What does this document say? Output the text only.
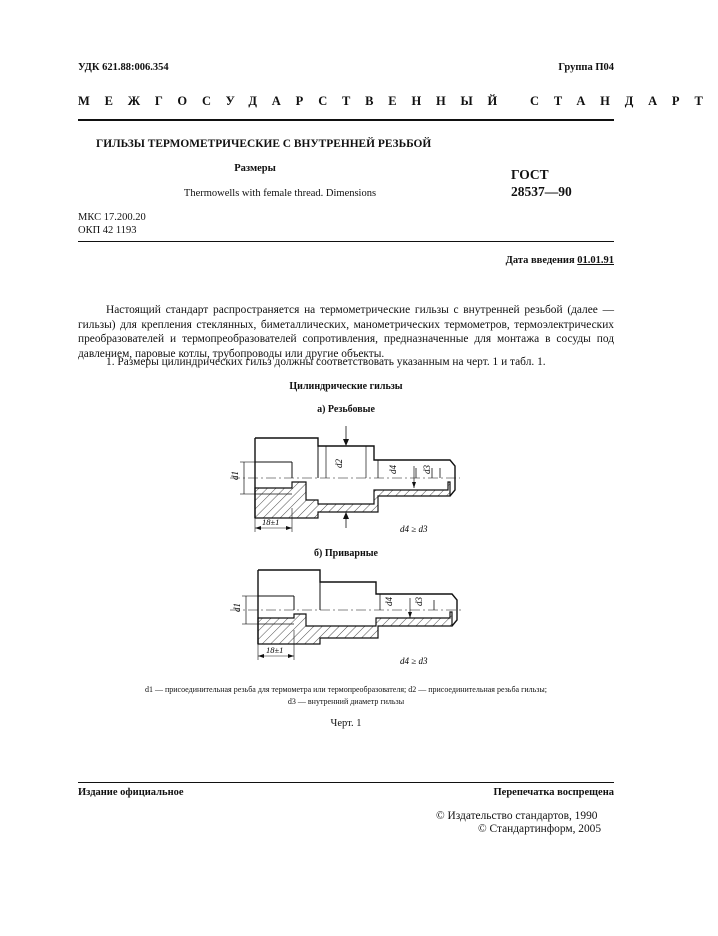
УДК 621.88:006.354	Группа П04
МЕЖГОСУДАРСТВЕННЫЙ СТАНДАРТ
ГИЛЬЗЫ ТЕРМОМЕТРИЧЕСКИЕ С ВНУТРЕННЕЙ РЕЗЬБОЙ
Размеры
Thermowells with female thread. Dimensions
ГОСТ
28537—90
МКС 17.200.20
ОКП 42 1193
Дата введения 01.01.91
Настоящий стандарт распространяется на термометрические гильзы с внутренней резьбой (далее — гильзы) для крепления стеклянных, биметаллических, манометрических термометров, термоэлектрических преобразователей и термопреобразователей сопротивления, предназначенные для монтажа в сосуды под давлением, паровые котлы, трубопроводы или другие объекты.
1. Размеры цилиндрических гильз должны соответствовать указанным на черт. 1 и табл. 1.
Цилиндрические гильзы
а) Резьбовые
d1
d2
d4	d3
18±1
d4 ≥ d3
б) Приварные
d1
d4 d3
18±1
d4 ≥ d3
d1 — присоединительная резьба для термометра или термопреобразователя; d2 — присоединительная резьба гильзы;
d3 — внутренний диаметр гильзы
Черт. 1
Издание официальное	Перепечатка воспрещена
© Издательство стандартов, 1990
© Стандартинформ, 2005
